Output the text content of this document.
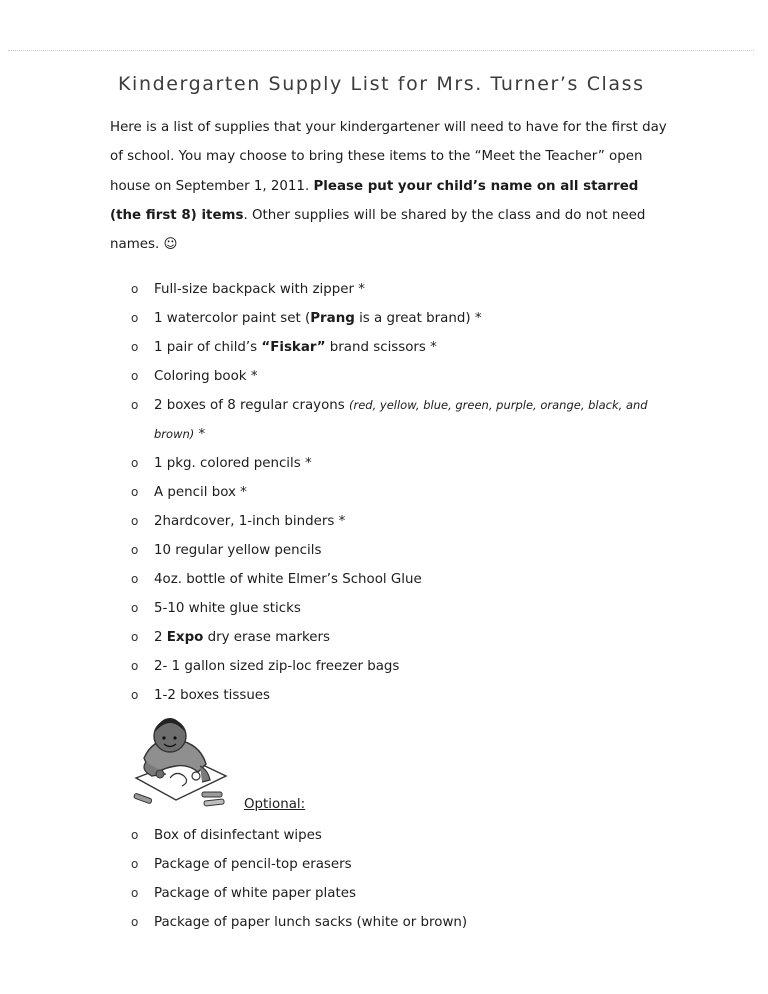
Kindergarten Supply List for Mrs. Turner’s Class
Here is a list of supplies that your kindergartener will need to have for the first day of school. You may choose to bring these items to the “Meet the Teacher” open house on September 1, 2011. Please put your child’s name on all starred (the first 8) items. Other supplies will be shared by the class and do not need names. ☺
o Full-size backpack with zipper *
o 1 watercolor paint set (Prang is a great brand) *
o 1 pair of child’s “Fiskar” brand scissors *
o Coloring book *
o 2 boxes of 8 regular crayons (red, yellow, blue, green, purple, orange, black, and brown) *
o 1 pkg. colored pencils *
o A pencil box *
o 2hardcover, 1-inch binders *
o 10 regular yellow pencils
o 4oz. bottle of white Elmer’s School Glue
o 5-10 white glue sticks
o 2 Expo dry erase markers
o 2- 1 gallon sized zip-loc freezer bags
o 1-2 boxes tissues
Optional:
o Box of disinfectant wipes
o Package of pencil-top erasers
o Package of white paper plates
o Package of paper lunch sacks (white or brown)
